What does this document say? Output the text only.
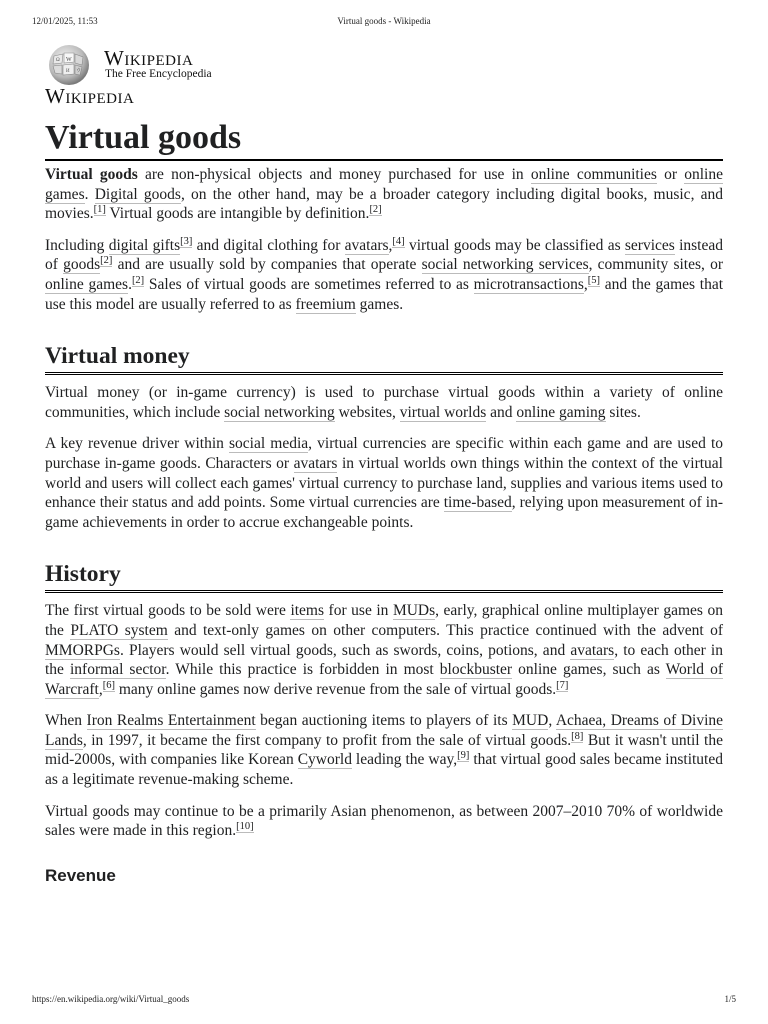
12/01/2025, 11:53	Virtual goods - Wikipedia
W
Ω
И ウ
Wikipedia
The Free Encyclopedia
Wikipedia
Virtual goods

Virtual goods are non-physical objects and money purchased for use in online communities or online games. Digital goods, on the other hand, may be a broader category including digital books, music, and movies.[1] Virtual goods are intangible by definition.[2]

Including digital gifts[3] and digital clothing for avatars,[4] virtual goods may be classified as services instead of goods[2] and are usually sold by companies that operate social networking services, community sites, or online games.[2] Sales of virtual goods are sometimes referred to as microtransactions,[5] and the games that use this model are usually referred to as freemium games.

Virtual money

Virtual money (or in-game currency) is used to purchase virtual goods within a variety of online communities, which include social networking websites, virtual worlds and online gaming sites.

A key revenue driver within social media, virtual currencies are specific within each game and are used to purchase in-game goods. Characters or avatars in virtual worlds own things within the context of the virtual world and users will collect each games' virtual currency to purchase land, supplies and various items used to enhance their status and add points. Some virtual currencies are time-based, relying upon measurement of in-game achievements in order to accrue exchangeable points.

History

The first virtual goods to be sold were items for use in MUDs, early, graphical online multiplayer games on the PLATO system and text-only games on other computers. This practice continued with the advent of MMORPGs. Players would sell virtual goods, such as swords, coins, potions, and avatars, to each other in the informal sector. While this practice is forbidden in most blockbuster online games, such as World of Warcraft,[6] many online games now derive revenue from the sale of virtual goods.[7]

When Iron Realms Entertainment began auctioning items to players of its MUD, Achaea, Dreams of Divine Lands, in 1997, it became the first company to profit from the sale of virtual goods.[8] But it wasn't until the mid-2000s, with companies like Korean Cyworld leading the way,[9] that virtual good sales became instituted as a legitimate revenue-making scheme.

Virtual goods may continue to be a primarily Asian phenomenon, as between 2007–2010 70% of worldwide sales were made in this region.[10]

Revenue
https://en.wikipedia.org/wiki/Virtual_goods	1/5
